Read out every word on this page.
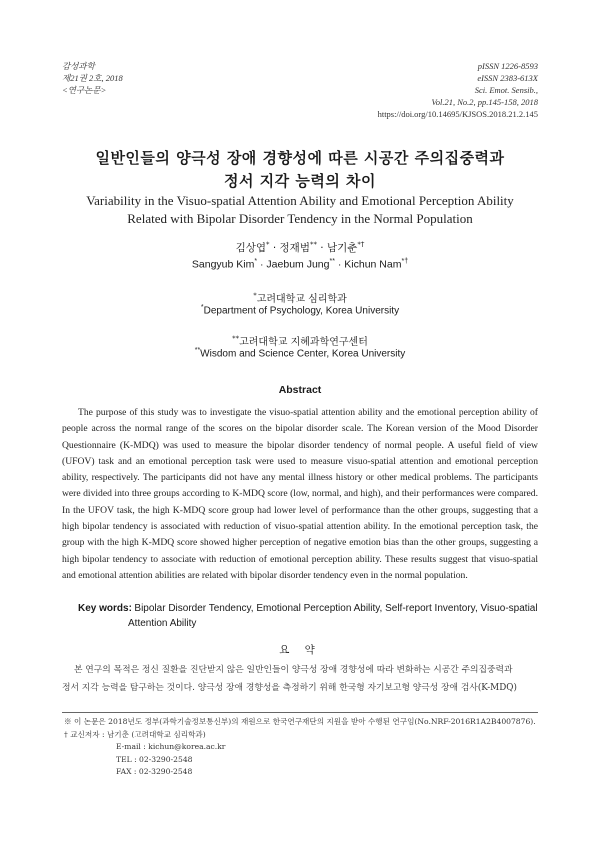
감성과학
제21권 2호, 2018
<연구논문>
pISSN 1226-8593
eISSN 2383-613X
Sci. Emot. Sensib.,
Vol.21, No.2, pp.145-158, 2018
https://doi.org/10.14695/KJSOS.2018.21.2.145
일반인들의 양극성 장애 경향성에 따른 시공간 주의집중력과
정서 지각 능력의 차이
Variability in the Visuo-spatial Attention Ability and Emotional Perception Ability
Related with Bipolar Disorder Tendency in the Normal Population
김상엽* · 정재범** · 남기춘*†
Sangyub Kim* · Jaebum Jung** · Kichun Nam*†
*고려대학교 심리학과
*Department of Psychology, Korea University
**고려대학교 지혜과학연구센터
**Wisdom and Science Center, Korea University
Abstract

The purpose of this study was to investigate the visuo-spatial attention ability and the emotional perception ability of people across the normal range of the scores on the bipolar disorder scale. The Korean version of the Mood Disorder Questionnaire (K-MDQ) was used to measure the bipolar disorder tendency of normal people. A useful field of view (UFOV) task and an emotional perception task were used to measure visuo-spatial attention and emotional perception ability, respectively. The participants did not have any mental illness history or other medical problems. The participants were divided into three groups according to K-MDQ score (low, normal, and high), and their performances were compared. In the UFOV task, the high K-MDQ score group had lower level of performance than the other groups, suggesting that a high bipolar tendency is associated with reduction of visuo-spatial attention ability. In the emotional perception task, the group with the high K-MDQ score showed higher perception of negative emotion bias than the other groups, suggesting a high bipolar tendency to associate with reduction of emotional perception ability. These results suggest that visuo-spatial and emotional attention abilities are related with bipolar disorder tendency even in the normal population.

Key words: Bipolar Disorder Tendency, Emotional Perception Ability, Self-report Inventory, Visuo-spatial
Attention Ability
요 약

본 연구의 목적은 정신 질환을 진단받지 않은 일반인들이 양극성 장애 경향성에 따라 변화하는 시공간 주의집중력과

정서 지각 능력을 탐구하는 것이다. 양극성 장애 경향성을 측정하기 위해 한국형 자기보고형 양극성 장애 검사(K-MDQ)

※ 이 논문은 2018년도 정부(과학기술정보통신부)의 재원으로 한국연구재단의 지원을 받아 수행된 연구임(No.NRF-2016R1A2B4007876).
† 교신저자 : 남기춘 (고려대학교 심리학과)
E-mail : kichun@korea.ac.kr
TEL : 02-3290-2548
FAX : 02-3290-2548
